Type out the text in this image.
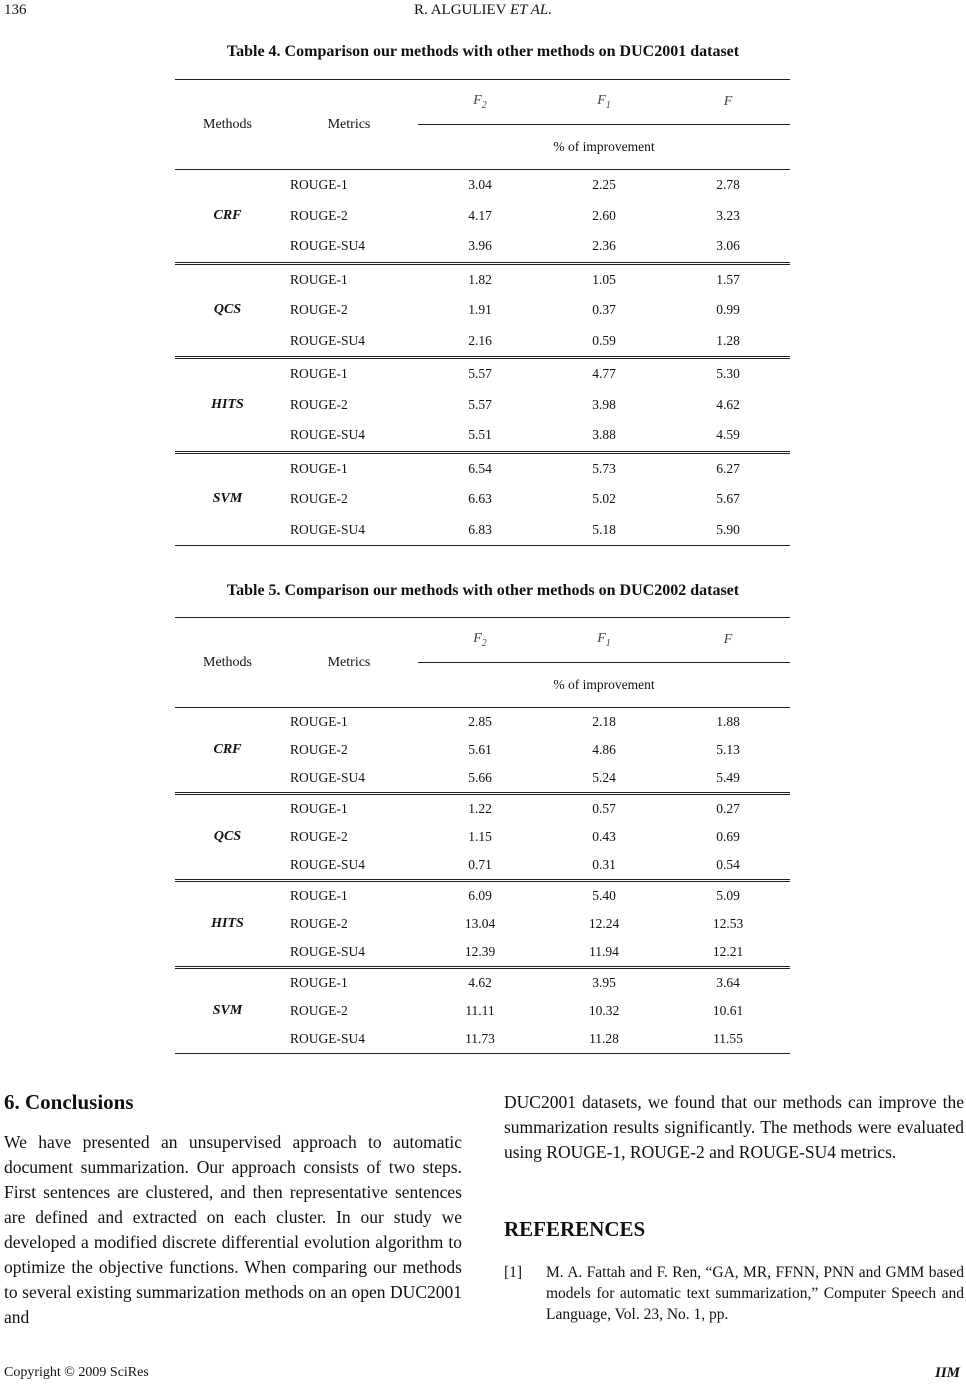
136	R. ALGULIEV ET AL.
Table 4. Comparison our methods with other methods on DUC2001 dataset
Methods	Metrics	$F_2$	$F_1$	F
		% of improvement		
CRF	ROUGE-1	3.04	2.25	2.78
	ROUGE-2	4.17	2.60	3.23
	ROUGE-SU4	3.96	2.36	3.06
QCS	ROUGE-1	1.82	1.05	1.57
	ROUGE-2	1.91	0.37	0.99
	ROUGE-SU4	2.16	0.59	1.28
HITS	ROUGE-1	5.57	4.77	5.30
	ROUGE-2	5.57	3.98	4.62
	ROUGE-SU4	5.51	3.88	4.59
SVM	ROUGE-1	6.54	5.73	6.27
	ROUGE-2	6.63	5.02	5.67
	ROUGE-SU4	6.83	5.18	5.90
Table 5. Comparison our methods with other methods on DUC2002 dataset
Methods	Metrics	$F_2$	$F_1$	F
		% of improvement		
CRF	ROUGE-1	2.85	2.18	1.88
	ROUGE-2	5.61	4.86	5.13
	ROUGE-SU4	5.66	5.24	5.49
QCS	ROUGE-1	1.22	0.57	0.27
	ROUGE-2	1.15	0.43	0.69
	ROUGE-SU4	0.71	0.31	0.54
HITS	ROUGE-1	6.09	5.40	5.09
	ROUGE-2	13.04	12.24	12.53
	ROUGE-SU4	12.39	11.94	12.21
SVM	ROUGE-1	4.62	3.95	3.64
	ROUGE-2	11.11	10.32	10.61
	ROUGE-SU4	11.73	11.28	11.55
6. Conclusions
We have presented an unsupervised approach to automatic document summarization. Our approach consists of two steps. First sentences are clustered, and then representative sentences are defined and extracted on each cluster. In our study we developed a modified discrete differential evolution algorithm to optimize the objective functions. When comparing our methods to several existing summarization methods on an open DUC2001 and
DUC2001 datasets, we found that our methods can improve the summarization results significantly. The methods were evaluated using ROUGE-1, ROUGE-2 and ROUGE-SU4 metrics.
REFERENCES
[1] M. A. Fattah and F. Ren, “GA, MR, FFNN, PNN and GMM based models for automatic text summarization,” Computer Speech and Language, Vol. 23, No. 1, pp.
Copyright © 2009 SciRes	IIM
